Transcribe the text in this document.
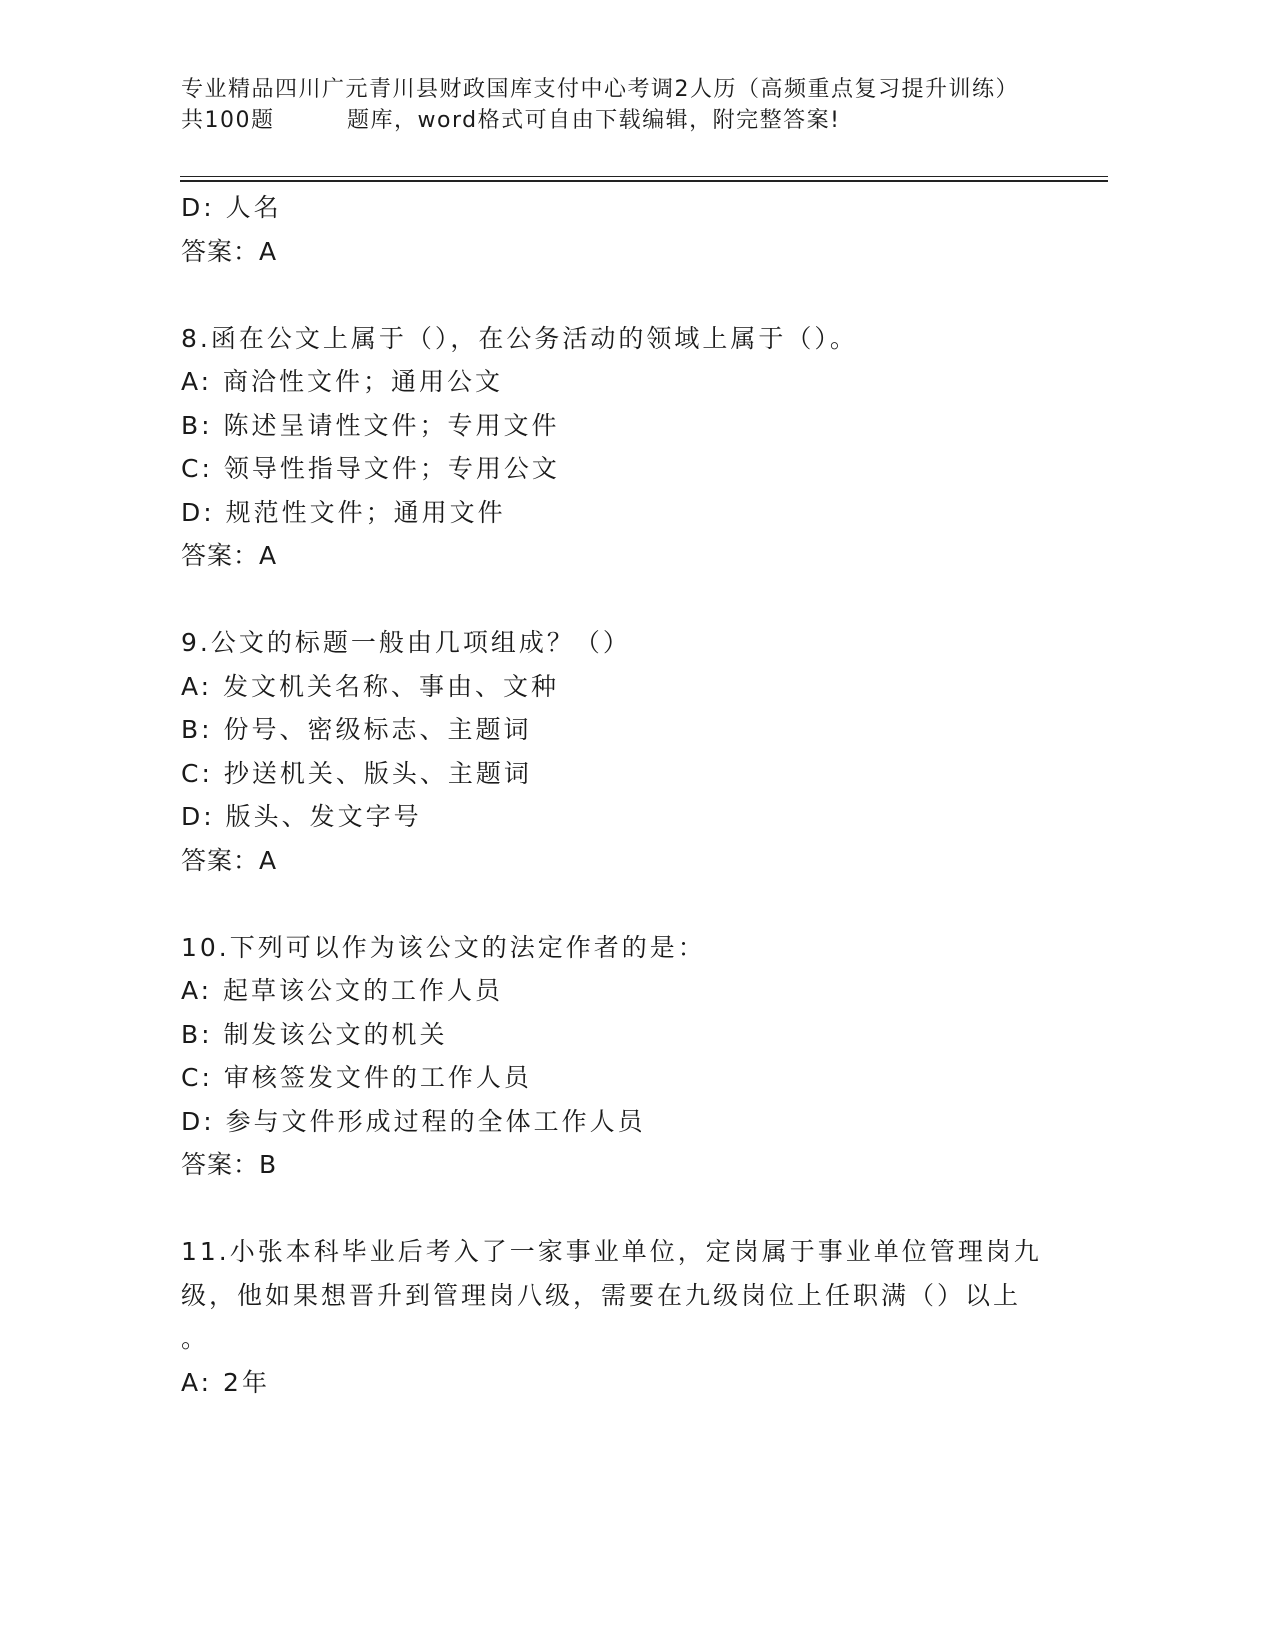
专业精品四川广元青川县财政国库支付中心考调2人历（高频重点复习提升训练）
共100题	题库，word格式可自由下载编辑，附完整答案!
D: 人名
答案：A
8.函在公文上属于（），在公务活动的领域上属于（）。
A: 商洽性文件；通用公文
B: 陈述呈请性文件；专用文件
C: 领导性指导文件；专用公文
D: 规范性文件；通用文件
答案：A
9.公文的标题一般由几项组成？（）
A: 发文机关名称、事由、文种
B: 份号、密级标志、主题词
C: 抄送机关、版头、主题词
D: 版头、发文字号
答案：A
10.下列可以作为该公文的法定作者的是：
A: 起草该公文的工作人员
B: 制发该公文的机关
C: 审核签发文件的工作人员
D: 参与文件形成过程的全体工作人员
答案：B
11.小张本科毕业后考入了一家事业单位，定岗属于事业单位管理岗九
级，他如果想晋升到管理岗八级，需要在九级岗位上任职满（）以上
。
A: 2年
